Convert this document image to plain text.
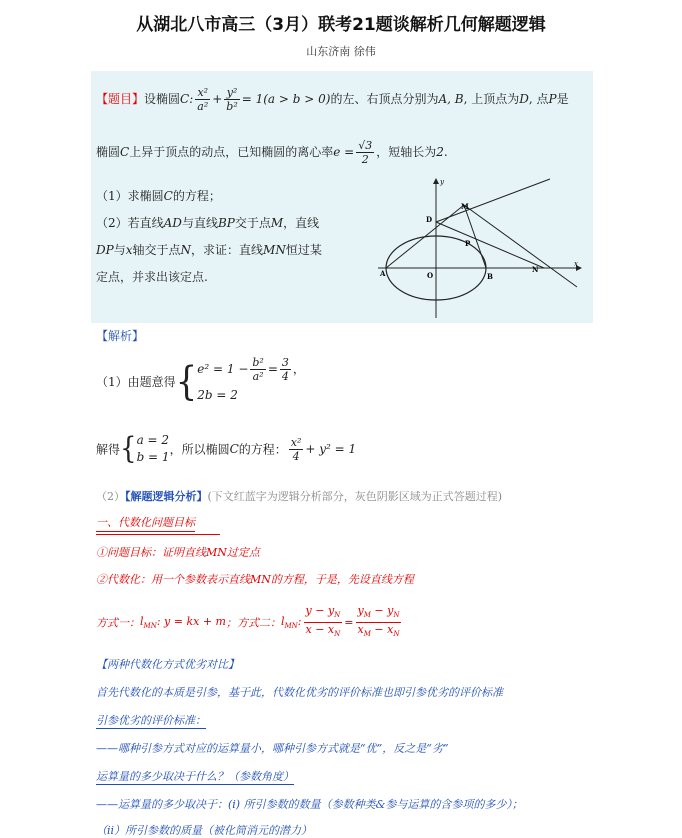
从湖北八市高三（3月）联考21题谈解析几何解题逻辑
山东济南 徐伟
【题目】设椭圆C: $\frac{\text{x²}}{\text{a²}} + \frac{\text{y²}}{\text{b²}} = 1(a > b > 0)$的左、右顶点分别为A, B, 上顶点为D, 点P是
椭圆C上异于顶点的动点，已知椭圆的离心率$e = \frac{√3}{2}$ ，短轴长为2.
（1）求椭圆C的方程；
（2）若直线AD与直线BP交于点M，直线
DP与x轴交于点N，求证：直线MN恒过某
定点，并求出该定点.
y
x
O
A	B
D
M
P
N
【解析】
（1）由题意得{ $e^2 = 1 - \frac{\text{b²}}{\text{a²}} = \frac{3}{4}$ ，
2b = 2
解得{ a = 2
b = 1
，所以椭圆C的方程： $\frac{\text{x²}}{4} + y^2 = 1$
（2）【解题逻辑分析】(下文红蓝字为逻辑分析部分，灰色阴影区域为正式答题过程)
一、代数化问题目标
①问题目标：证明直线MN过定点
②代数化：用一个参数表示直线MN的方程，于是，先设直线方程
方式一：$l_{MN}$: y = kx + m；方式二：$l_{MN}$: $\frac{y - y_N}{x - x_N} = \frac{y_M - y_N}{x_M - x_N}$
【两种代数化方式优劣对比】
首先代数化的本质是引参，基于此，代数化优劣的评价标准也即引参优劣的评价标准
引参优劣的评价标准：
——哪种引参方式对应的运算量小，哪种引参方式就是“优”，反之是“劣”
运算量的多少取决于什么？（参数角度）
——运算量的多少取决于：(i) 所引参数的数量（参数种类&参与运算的含参项的多少）；
（ii）所引参数的质量（被化简消元的潜力）
